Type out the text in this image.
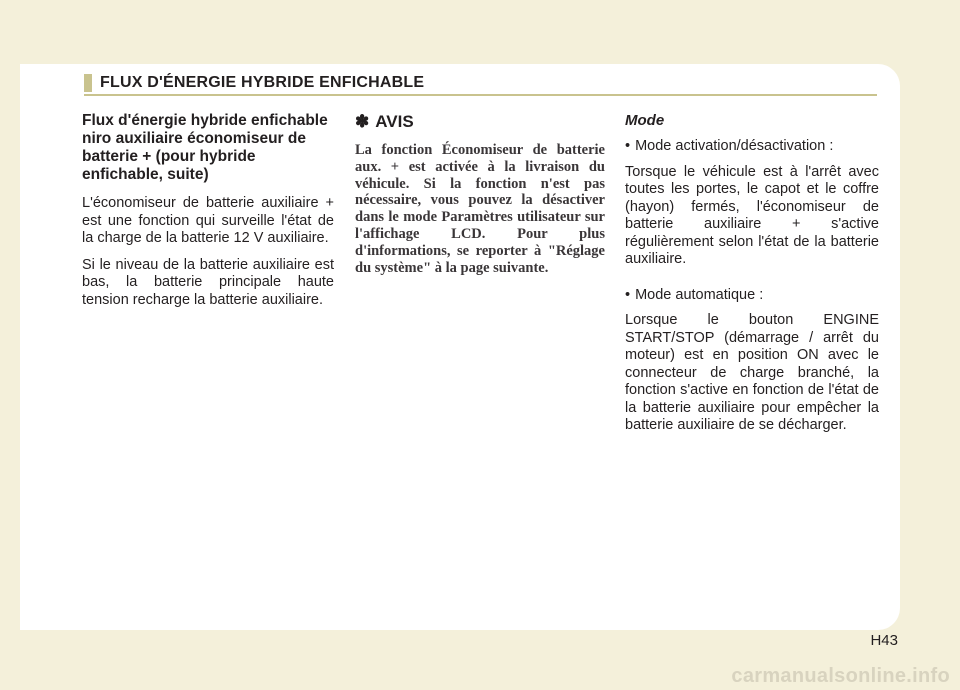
FLUX D'ÉNERGIE HYBRIDE ENFICHABLE

Flux d'énergie hybride enfichable niro auxiliaire économiseur de batterie + (pour hybride enfichable, suite)

L'économiseur de batterie auxiliaire + est une fonction qui surveille l'état de la charge de la batterie 12 V auxiliaire.

Si le niveau de la batterie auxiliaire est bas, la batterie principale haute tension recharge la batterie auxiliaire.

✽ AVIS

La fonction Économiseur de batterie aux. + est activée à la livraison du véhicule. Si la fonction n'est pas nécessaire, vous pouvez la désactiver dans le mode Paramètres utilisateur sur l'affichage LCD. Pour plus d'informations, se reporter à "Réglage du système" à la page suivante.

Mode

• Mode activation/désactivation :

Torsque le véhicule est à l'arrêt avec toutes les portes, le capot et le coffre (hayon) fermés, l'économiseur de batterie auxiliaire + s'active régulièrement selon l'état de la batterie auxiliaire.

• Mode automatique :

Lorsque le bouton ENGINE START/STOP (démarrage / arrêt du moteur) est en position ON avec le connecteur de charge branché, la fonction s'active en fonction de l'état de la batterie auxiliaire pour empêcher la batterie auxiliaire de se décharger.

H43
carmanualsonline.info
